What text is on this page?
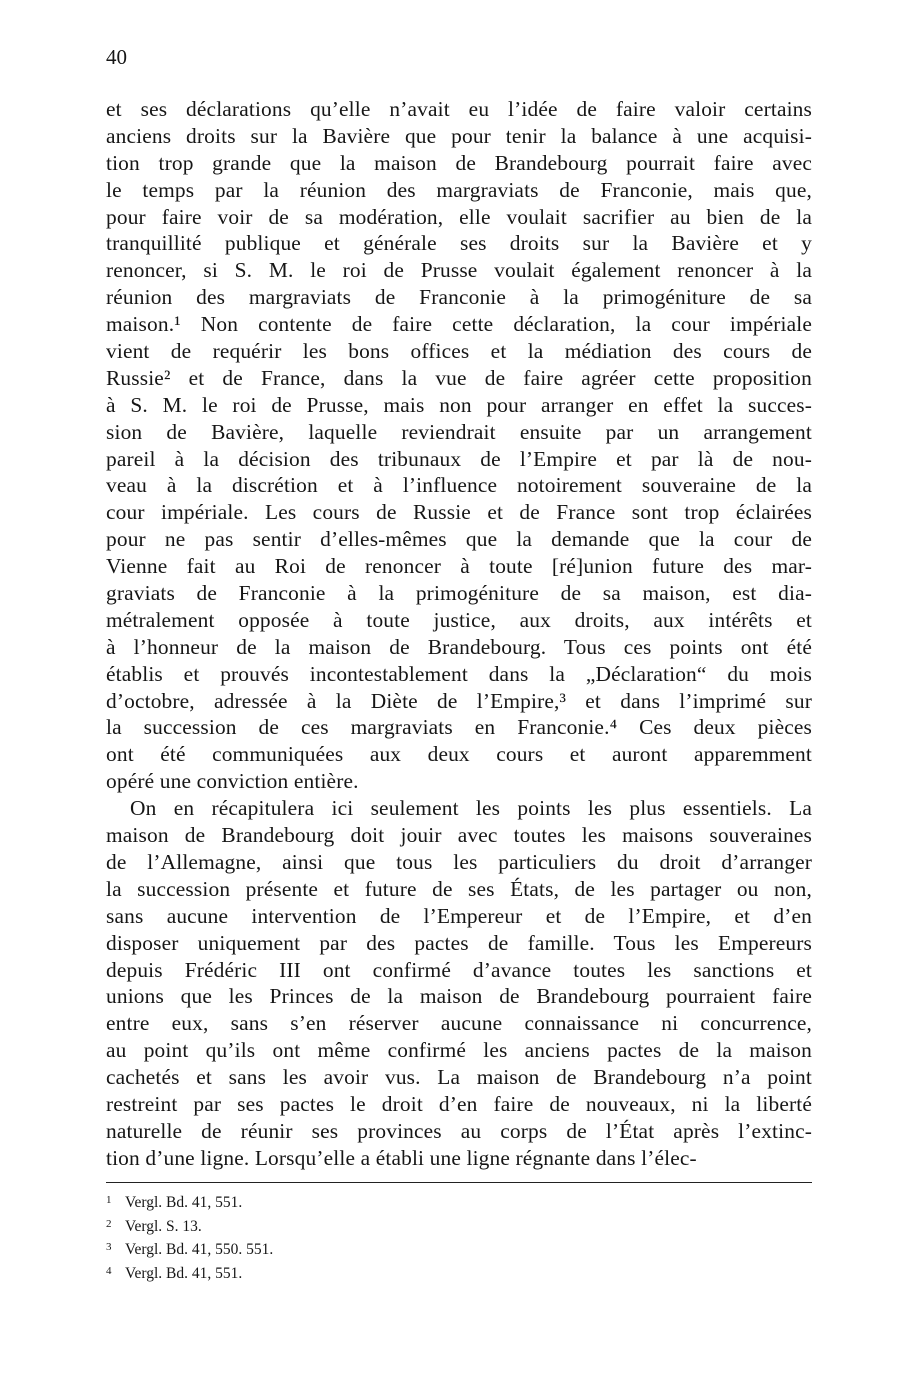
40
et ses déclarations qu’elle n’avait eu l’idée de faire valoir certains
anciens droits sur la Bavière que pour tenir la balance à une acquisi-
tion trop grande que la maison de Brandebourg pourrait faire avec
le temps par la réunion des margraviats de Franconie, mais que,
pour faire voir de sa modération, elle voulait sacrifier au bien de la
tranquillité publique et générale ses droits sur la Bavière et y
renoncer, si S. M. le roi de Prusse voulait également renoncer à la
réunion des margraviats de Franconie à la primogéniture de sa
maison.¹ Non contente de faire cette déclaration, la cour impériale
vient de requérir les bons offices et la médiation des cours de
Russie² et de France, dans la vue de faire agréer cette proposition
à S. M. le roi de Prusse, mais non pour arranger en effet la succes-
sion de Bavière, laquelle reviendrait ensuite par un arrangement
pareil à la décision des tribunaux de l’Empire et par là de nou-
veau à la discrétion et à l’influence notoirement souveraine de la
cour impériale. Les cours de Russie et de France sont trop éclairées
pour ne pas sentir d’elles-mêmes que la demande que la cour de
Vienne fait au Roi de renoncer à toute [ré]union future des mar-
graviats de Franconie à la primogéniture de sa maison, est dia-
métralement opposée à toute justice, aux droits, aux intérêts et
à l’honneur de la maison de Brandebourg. Tous ces points ont été
établis et prouvés incontestablement dans la „Déclaration“ du mois
d’octobre, adressée à la Diète de l’Empire,³ et dans l’imprimé sur
la succession de ces margraviats en Franconie.⁴ Ces deux pièces
ont été communiquées aux deux cours et auront apparemment
opéré une conviction entière.
On en récapitulera ici seulement les points les plus essentiels. La
maison de Brandebourg doit jouir avec toutes les maisons souveraines
de l’Allemagne, ainsi que tous les particuliers du droit d’arranger
la succession présente et future de ses États, de les partager ou non,
sans aucune intervention de l’Empereur et de l’Empire, et d’en
disposer uniquement par des pactes de famille. Tous les Empereurs
depuis Frédéric III ont confirmé d’avance toutes les sanctions et
unions que les Princes de la maison de Brandebourg pourraient faire
entre eux, sans s’en réserver aucune connaissance ni concurrence,
au point qu’ils ont même confirmé les anciens pactes de la maison
cachetés et sans les avoir vus. La maison de Brandebourg n’a point
restreint par ses pactes le droit d’en faire de nouveaux, ni la liberté
naturelle de réunir ses provinces au corps de l’État après l’extinc-
tion d’une ligne. Lorsqu’elle a établi une ligne régnante dans l’élec-
1 Vergl. Bd. 41, 551.
2 Vergl. S. 13.
3 Vergl. Bd. 41, 550. 551.
4 Vergl. Bd. 41, 551.
